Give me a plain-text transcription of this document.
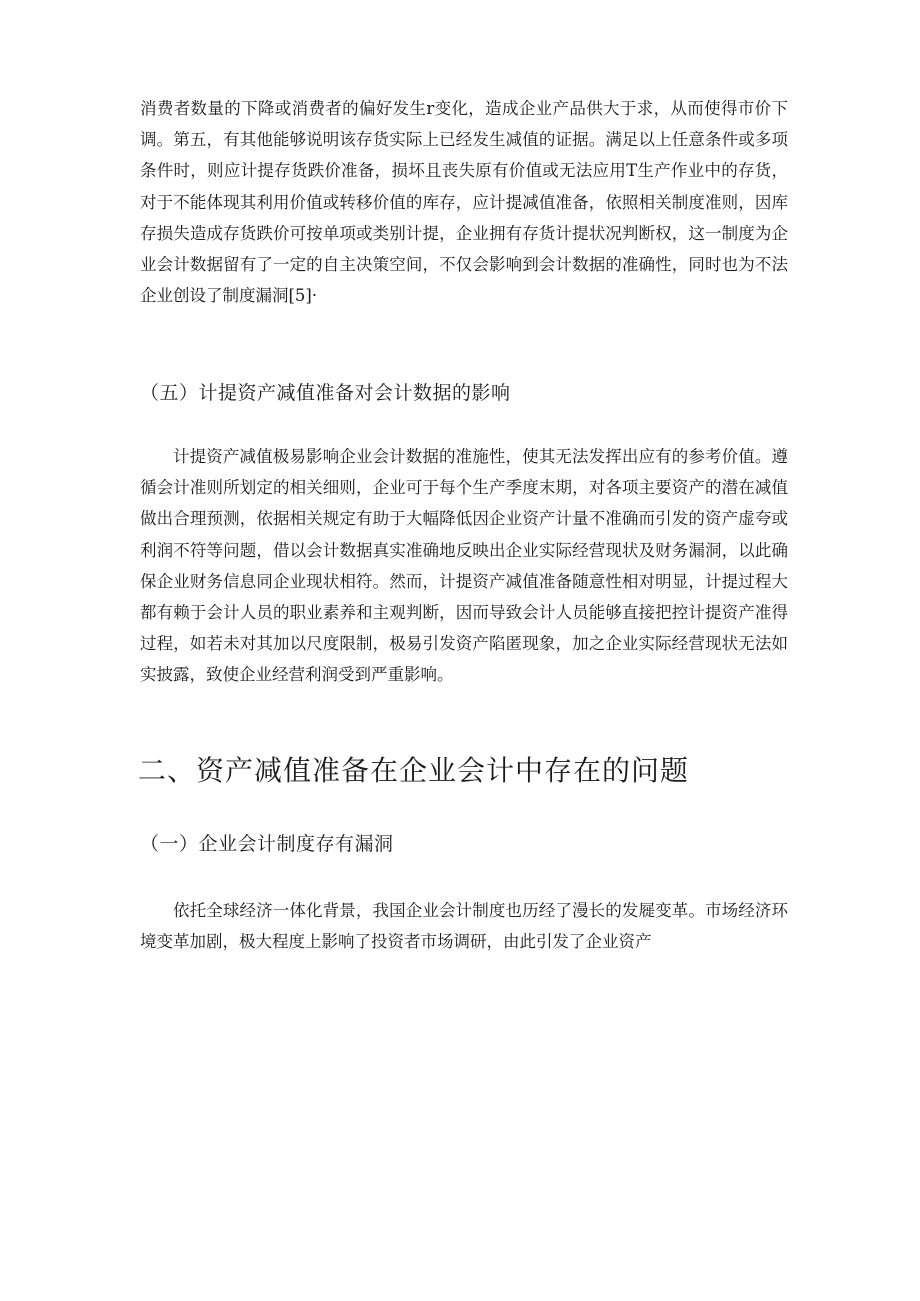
消费者数量的下降或消费者的偏好发生r变化，造成企业产品供大于求，从而使得市价下调。第五，有其他能够说明该存货实际上已经发生减值的证据。满足以上任意条件或多项条件时，则应计提存货跌价准备，损坏且丧失原有价值或无法应用T生产作业中的存货，对于不能体现其利用价值或转移价值的库存，应计提减值准备，依照相关制度准则，因库存损失造成存货跌价可按单项或类别计提，企业拥有存货计提状况判断权，这一制度为企业会计数据留有了一定的自主决策空间，不仅会影响到会计数据的准确性，同时也为不法企业创设了制度漏洞[5]·

（五）计提资产减值准备对会计数据的影响

计提资产减值极易影响企业会计数据的准施性，使其无法发挥出应有的参考价值。遵循会计准则所划定的相关细则，企业可于每个生产季度末期，对各项主要资产的潜在减值做出合理预测，依据相关规定有助于大幅降低因企业资产计量不准确而引发的资产虚夸或利润不符等问题，借以会计数据真实准确地反映出企业实际经营现状及财务漏洞，以此确保企业财务信息同企业现状相符。然而，计提资产减值准备随意性相对明显，计提过程大都有赖于会计人员的职业素养和主观判断，因而导致会计人员能够直接把控计提资产准得过程，如若未对其加以尺度限制，极易引发资产陷匿现象，加之企业实际经营现状无法如实披露，致使企业经营利润受到严重影响。

二、资产减值准备在企业会计中存在的问题
（一）企业会计制度存有漏洞

依托全球经济一体化背景，我国企业会计制度也历经了漫长的发屣变革。市场经济环境变革加剧，极大程度上影响了投资者市场调研，由此引发了企业资产
